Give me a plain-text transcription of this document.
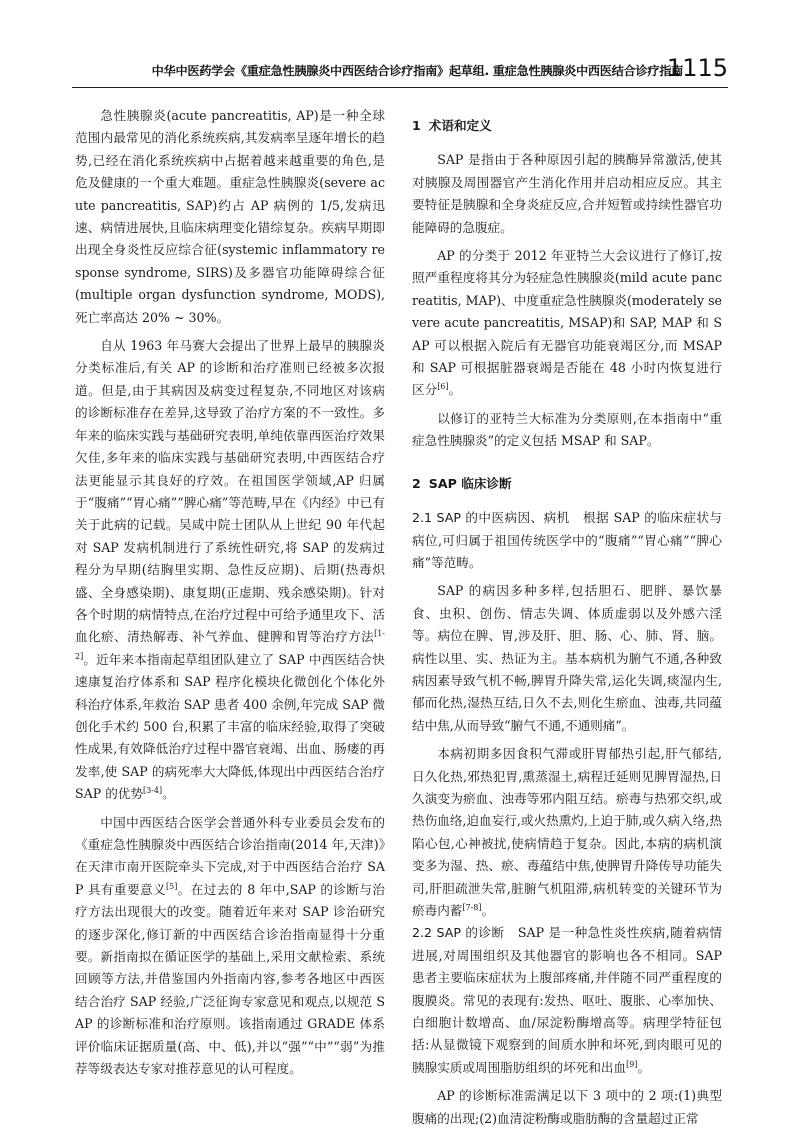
中华中医药学会《重症急性胰腺炎中西医结合诊疗指南》起草组. 重症急性胰腺炎中西医结合诊疗指南
1115

急性胰腺炎(acute pancreatitis, AP)是一种全球范围内最常见的消化系统疾病,其发病率呈逐年增长的趋势,已经在消化系统疾病中占据着越来越重要的角色,是危及健康的一个重大难题。重症急性胰腺炎(severe acute pancreatitis, SAP)约占 AP 病例的 1/5,发病迅速、病情进展快,且临床病理变化错综复杂。疾病早期即出现全身炎性反应综合征(systemic inflammatory response syndrome, SIRS)及多器官功能障碍综合征(multiple organ dysfunction syndrome, MODS),死亡率高达 20% ~ 30%。

自从 1963 年马赛大会提出了世界上最早的胰腺炎分类标准后,有关 AP 的诊断和治疗准则已经被多次报道。但是,由于其病因及病变过程复杂,不同地区对该病的诊断标准存在差异,这导致了治疗方案的不一致性。多年来的临床实践与基础研究表明,单纯依靠西医治疗效果欠佳,多年来的临床实践与基础研究表明,中西医结合疗法更能显示其良好的疗效。在祖国医学领域,AP 归属于“腹痛”“胃心痛”“脾心痛”等范畴,早在《内经》中已有关于此病的记载。吴咸中院士团队从上世纪 90 年代起对 SAP 发病机制进行了系统性研究,将 SAP 的发病过程分为早期(结胸里实期、急性反应期)、后期(热毒炽盛、全身感染期)、康复期(正虚期、残余感染期)。针对各个时期的病情特点,在治疗过程中可给予通里攻下、活血化瘀、清热解毒、补气养血、健脾和胃等治疗方法[1-2]。近年来本指南起草组团队建立了 SAP 中西医结合快速康复治疗体系和 SAP 程序化模块化微创化个体化外科治疗体系,年救治 SAP 患者 400 余例,年完成 SAP 微创化手术约 500 台,积累了丰富的临床经验,取得了突破性成果,有效降低治疗过程中器官衰竭、出血、肠瘘的再发率,使 SAP 的病死率大大降低,体现出中西医结合治疗 SAP 的优势[3-4]。

中国中西医结合医学会普通外科专业委员会发布的《重症急性胰腺炎中西医结合诊治指南(2014 年,天津)》在天津市南开医院牵头下完成,对于中西医结合治疗 SAP 具有重要意义[5]。在过去的 8 年中,SAP 的诊断与治疗方法出现很大的改变。随着近年来对 SAP 诊治研究的逐步深化,修订新的中西医结合诊治指南显得十分重要。新指南拟在循证医学的基础上,采用文献检索、系统回顾等方法,并借鉴国内外指南内容,参考各地区中西医结合治疗 SAP 经验,广泛征询专家意见和观点,以规范 SAP 的诊断标准和治疗原则。该指南通过 GRADE 体系评价临床证据质量(高、中、低),并以“强”“中”“弱”为推荐等级表达专家对推荐意见的认可程度。

1 术语和定义

SAP 是指由于各种原因引起的胰酶异常激活,使其对胰腺及周围器官产生消化作用并启动相应反应。其主要特征是胰腺和全身炎症反应,合并短暂或持续性器官功能障碍的急腹症。

AP 的分类于 2012 年亚特兰大会议进行了修订,按照严重程度将其分为轻症急性胰腺炎(mild acute pancreatitis, MAP)、中度重症急性胰腺炎(moderately severe acute pancreatitis, MSAP)和 SAP, MAP 和 SAP 可以根据入院后有无器官功能衰竭区分,而 MSAP 和 SAP 可根据脏器衰竭是否能在 48 小时内恢复进行区分[6]。

以修订的亚特兰大标准为分类原则,在本指南中“重症急性胰腺炎”的定义包括 MSAP 和 SAP。

2 SAP 临床诊断

2.1 SAP 的中医病因、病机 根据 SAP 的临床症状与病位,可归属于祖国传统医学中的“腹痛”“胃心痛”“脾心痛”等范畴。

SAP 的病因多种多样,包括胆石、肥胖、暴饮暴食、虫积、创伤、情志失调、体质虚弱以及外感六淫等。病位在脾、胃,涉及肝、胆、肠、心、肺、肾、脑。病性以里、实、热证为主。基本病机为腑气不通,各种致病因素导致气机不畅,脾胃升降失常,运化失调,痰湿内生,郁而化热,湿热互结,日久不去,则化生瘀血、浊毒,共同蕴结中焦,从而导致“腑气不通,不通则痛”。

本病初期多因食积气滞或肝胃郁热引起,肝气郁结,日久化热,邪热犯胃,熏蒸湿土,病程迁延则见脾胃湿热,日久演变为瘀血、浊毒等邪内阻互结。瘀毒与热邪交织,或热伤血络,迫血妄行,或火热熏灼,上迫于肺,或久病入络,热陷心包,心神被扰,使病情趋于复杂。因此,本病的病机演变多为湿、热、瘀、毒蕴结中焦,使脾胃升降传导功能失司,肝胆疏泄失常,脏腑气机阻滞,病机转变的关键环节为瘀毒内蓄[7-8]。

2.2 SAP 的诊断 SAP 是一种急性炎性疾病,随着病情进展,对周围组织及其他器官的影响也各不相同。SAP 患者主要临床症状为上腹部疼痛,并伴随不同严重程度的腹膜炎。常见的表现有:发热、呕吐、腹胀、心率加快、白细胞计数增高、血/尿淀粉酶增高等。病理学特征包括:从显微镜下观察到的间质水肿和坏死,到肉眼可见的胰腺实质或周围脂肪组织的坏死和出血[9]。

AP 的诊断标准需满足以下 3 项中的 2 项:(1)典型腹痛的出现;(2)血清淀粉酶或脂肪酶的含量超过正常
